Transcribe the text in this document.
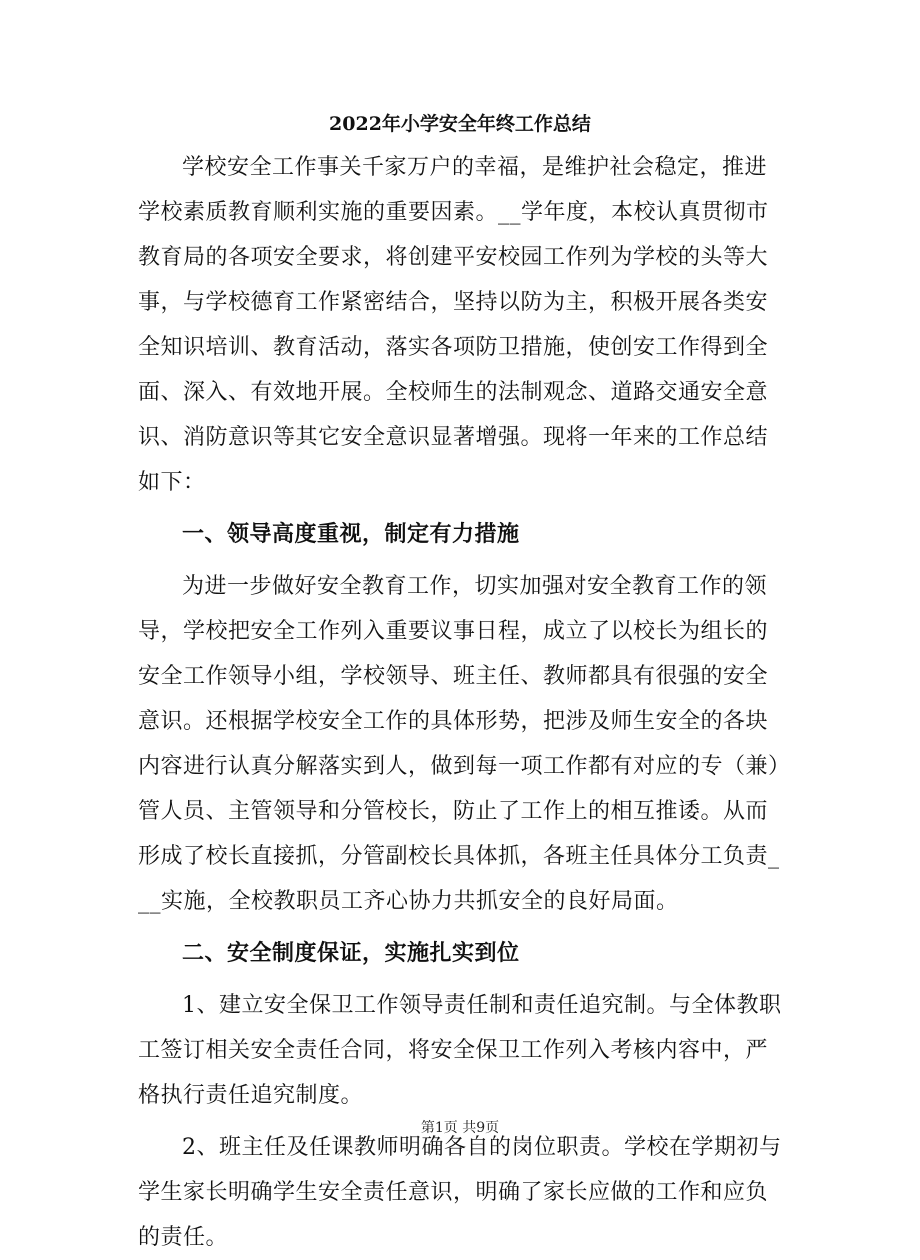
2022年小学安全年终工作总结

学校安全工作事关千家万户的幸福，是维护社会稳定，推进学校素质教育顺利实施的重要因素。__学年度，本校认真贯彻市教育局的各项安全要求，将创建平安校园工作列为学校的头等大事，与学校德育工作紧密结合，坚持以防为主，积极开展各类安全知识培训、教育活动，落实各项防卫措施，使创安工作得到全面、深入、有效地开展。全校师生的法制观念、道路交通安全意识、消防意识等其它安全意识显著增强。现将一年来的工作总结如下：

一、领导高度重视，制定有力措施

为进一步做好安全教育工作，切实加强对安全教育工作的领导，学校把安全工作列入重要议事日程，成立了以校长为组长的安全工作领导小组，学校领导、班主任、教师都具有很强的安全意识。还根据学校安全工作的具体形势，把涉及师生安全的各块内容进行认真分解落实到人，做到每一项工作都有对应的专（兼）管人员、主管领导和分管校长，防止了工作上的相互推诿。从而形成了校长直接抓，分管副校长具体抓，各班主任具体分工负责___实施，全校教职员工齐心协力共抓安全的良好局面。

二、安全制度保证，实施扎实到位

1、建立安全保卫工作领导责任制和责任追究制。与全体教职工签订相关安全责任合同，将安全保卫工作列入考核内容中，严格执行责任追究制度。

2、班主任及任课教师明确各自的岗位职责。学校在学期初与学生家长明确学生安全责任意识，明确了家长应做的工作和应负的责任。

第1页 共9页
